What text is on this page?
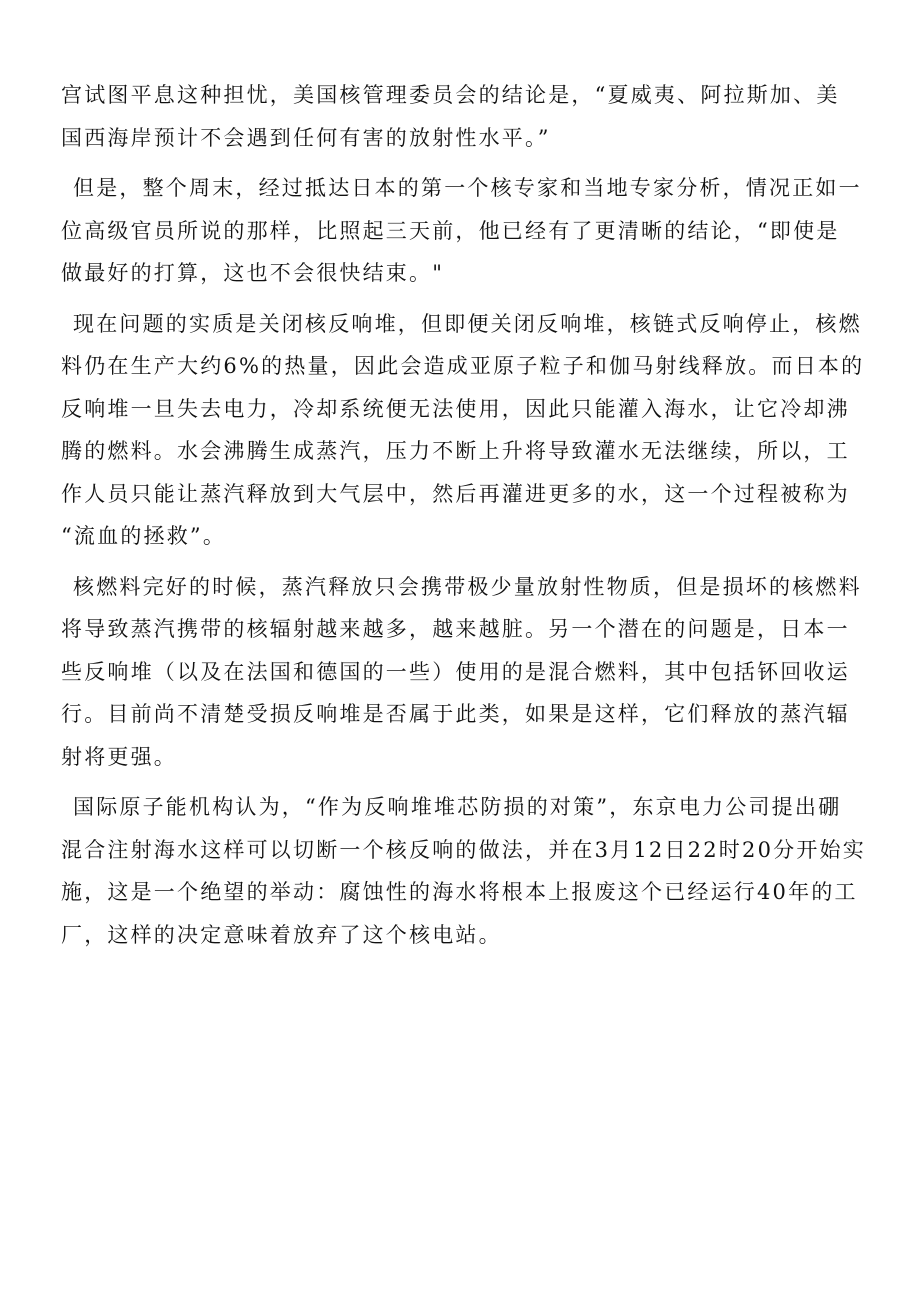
宫试图平息这种担忧，美国核管理委员会的结论是，“夏威夷、阿拉斯加、美
国西海岸预计不会遇到任何有害的放射性水平。”

但是，整个周末，经过抵达日本的第一个核专家和当地专家分析，情况正如一
位高级官员所说的那样，比照起三天前，他已经有了更清晰的结论，“即使是
做最好的打算，这也不会很快结束。"

现在问题的实质是关闭核反响堆，但即便关闭反响堆，核链式反响停止，核燃
料仍在生产大约6%的热量，因此会造成亚原子粒子和伽马射线释放。而日本的
反响堆一旦失去电力，冷却系统便无法使用，因此只能灌入海水，让它冷却沸
腾的燃料。水会沸腾生成蒸汽，压力不断上升将导致灌水无法继续，所以，工
作人员只能让蒸汽释放到大气层中，然后再灌进更多的水，这一个过程被称为
“流血的拯救”。

核燃料完好的时候，蒸汽释放只会携带极少量放射性物质，但是损坏的核燃料
将导致蒸汽携带的核辐射越来越多，越来越脏。另一个潜在的问题是，日本一
些反响堆（以及在法国和德国的一些）使用的是混合燃料，其中包括钚回收运
行。目前尚不清楚受损反响堆是否属于此类，如果是这样，它们释放的蒸汽辐
射将更强。

国际原子能机构认为，“作为反响堆堆芯防损的对策”，东京电力公司提出硼
混合注射海水这样可以切断一个核反响的做法，并在3月12日22时20分开始实
施，这是一个绝望的举动：腐蚀性的海水将根本上报废这个已经运行40年的工
厂，这样的决定意味着放弃了这个核电站。
